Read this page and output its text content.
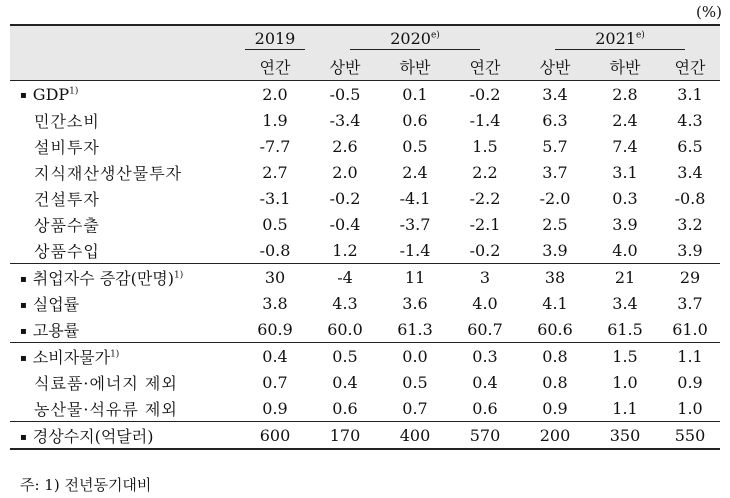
(%)
	2019	2020$^{e)}$			2021$^{e)}$
	연간	상반	하반	연간	상반	하반	연간
▪ GDP$^{1)}$	2.0	-0.5	0.1	-0.2	3.4	2.8	3.1
민간소비	1.9	-3.4	0.6	-1.4	6.3	2.4	4.3
설비투자	-7.7	2.6	0.5	1.5	5.7	7.4	6.5
지식재산생산물투자	2.7	2.0	2.4	2.2	3.7	3.1	3.4
건설투자	-3.1	-0.2	-4.1	-2.2	-2.0	0.3	-0.8
상품수출	0.5	-0.4	-3.7	-2.1	2.5	3.9	3.2
상품수입	-0.8	1.2	-1.4	-0.2	3.9	4.0	3.9
▪ 취업자수 증감(만명)$^{1)}$	30	-4	11	3	38	21	29
▪ 실업률	3.8	4.3	3.6	4.0	4.1	3.4	3.7
▪ 고용률	60.9	60.0	61.3	60.7	60.6	61.5	61.0
▪ 소비자물가$^{1)}$	0.4	0.5	0.0	0.3	0.8	1.5	1.1
식료품·에너지 제외	0.7	0.4	0.5	0.4	0.8	1.0	0.9
농산물·석유류 제외	0.9	0.6	0.7	0.6	0.9	1.1	1.0
▪ 경상수지(억달러)	600	170	400	570	200	350	550
주: 1) 전년동기대비
